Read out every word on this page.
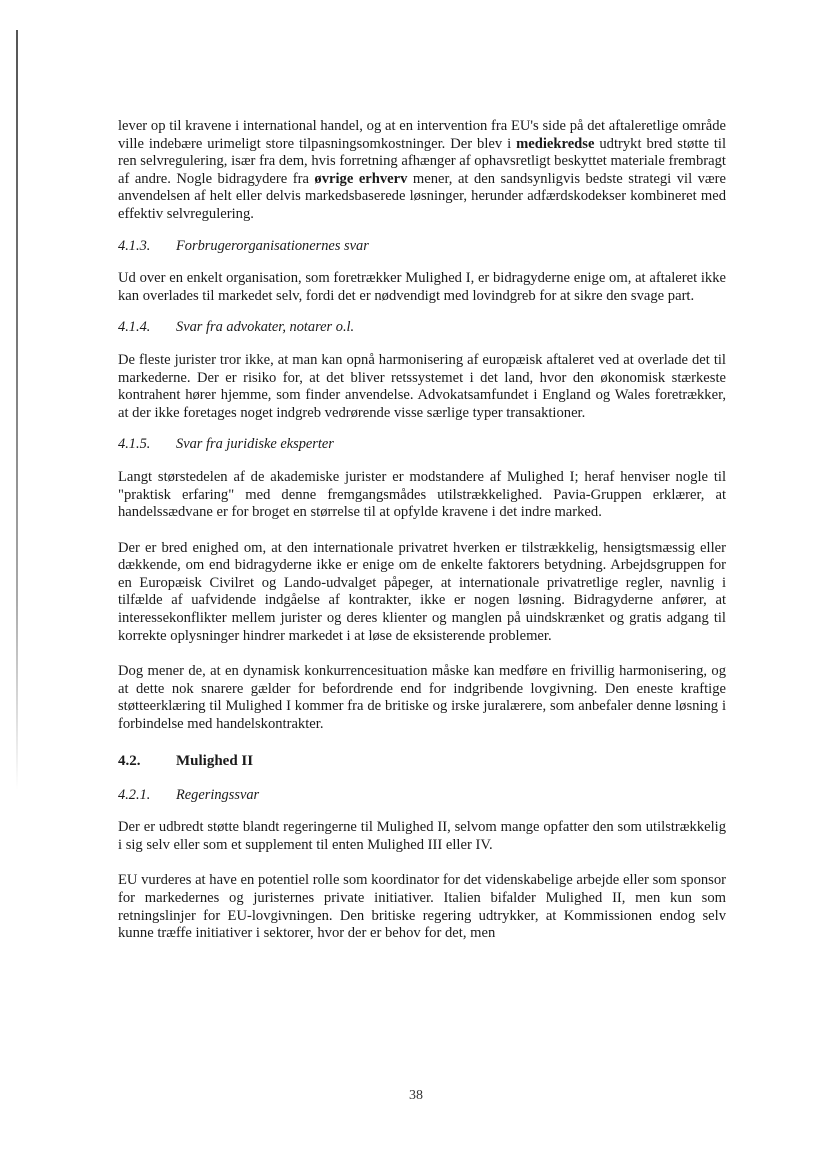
lever op til kravene i international handel, og at en intervention fra EU's side på det aftaleretlige område ville indebære urimeligt store tilpasningsomkostninger. Der blev i mediekredse udtrykt bred støtte til ren selvregulering, især fra dem, hvis forretning afhænger af ophavsretligt beskyttet materiale frembragt af andre. Nogle bidragydere fra øvrige erhverv mener, at den sandsynligvis bedste strategi vil være anvendelsen af helt eller delvis markedsbaserede løsninger, herunder adfærdskodekser kombineret med effektiv selvregulering.

4.1.3. Forbrugerorganisationernes svar

Ud over en enkelt organisation, som foretrækker Mulighed I, er bidragyderne enige om, at aftaleret ikke kan overlades til markedet selv, fordi det er nødvendigt med lovindgreb for at sikre den svage part.

4.1.4. Svar fra advokater, notarer o.l.

De fleste jurister tror ikke, at man kan opnå harmonisering af europæisk aftaleret ved at overlade det til markederne. Der er risiko for, at det bliver retssystemet i det land, hvor den økonomisk stærkeste kontrahent hører hjemme, som finder anvendelse. Advokatsamfundet i England og Wales foretrækker, at der ikke foretages noget indgreb vedrørende visse særlige typer transaktioner.

4.1.5. Svar fra juridiske eksperter

Langt størstedelen af de akademiske jurister er modstandere af Mulighed I; heraf henviser nogle til "praktisk erfaring" med denne fremgangsmådes utilstrækkelighed. Pavia-Gruppen erklærer, at handelssædvane er for broget en størrelse til at opfylde kravene i det indre marked.

Der er bred enighed om, at den internationale privatret hverken er tilstrækkelig, hensigtsmæssig eller dækkende, om end bidragyderne ikke er enige om de enkelte faktorers betydning. Arbejdsgruppen for en Europæisk Civilret og Lando-udvalget påpeger, at internationale privatretlige regler, navnlig i tilfælde af uafvidende indgåelse af kontrakter, ikke er nogen løsning. Bidragyderne anfører, at interessekonflikter mellem jurister og deres klienter og manglen på uindskrænket og gratis adgang til korrekte oplysninger hindrer markedet i at løse de eksisterende problemer.

Dog mener de, at en dynamisk konkurrencesituation måske kan medføre en frivillig harmonisering, og at dette nok snarere gælder for befordrende end for indgribende lovgivning. Den eneste kraftige støtteerklæring til Mulighed I kommer fra de britiske og irske juralærere, som anbefaler denne løsning i forbindelse med handelskontrakter.

4.2. Mulighed II
4.2.1. Regeringssvar

Der er udbredt støtte blandt regeringerne til Mulighed II, selvom mange opfatter den som utilstrækkelig i sig selv eller som et supplement til enten Mulighed III eller IV.

EU vurderes at have en potentiel rolle som koordinator for det videnskabelige arbejde eller som sponsor for markedernes og juristernes private initiativer. Italien bifalder Mulighed II, men kun som retningslinjer for EU-lovgivningen. Den britiske regering udtrykker, at Kommissionen endog selv kunne træffe initiativer i sektorer, hvor der er behov for det, men

38
